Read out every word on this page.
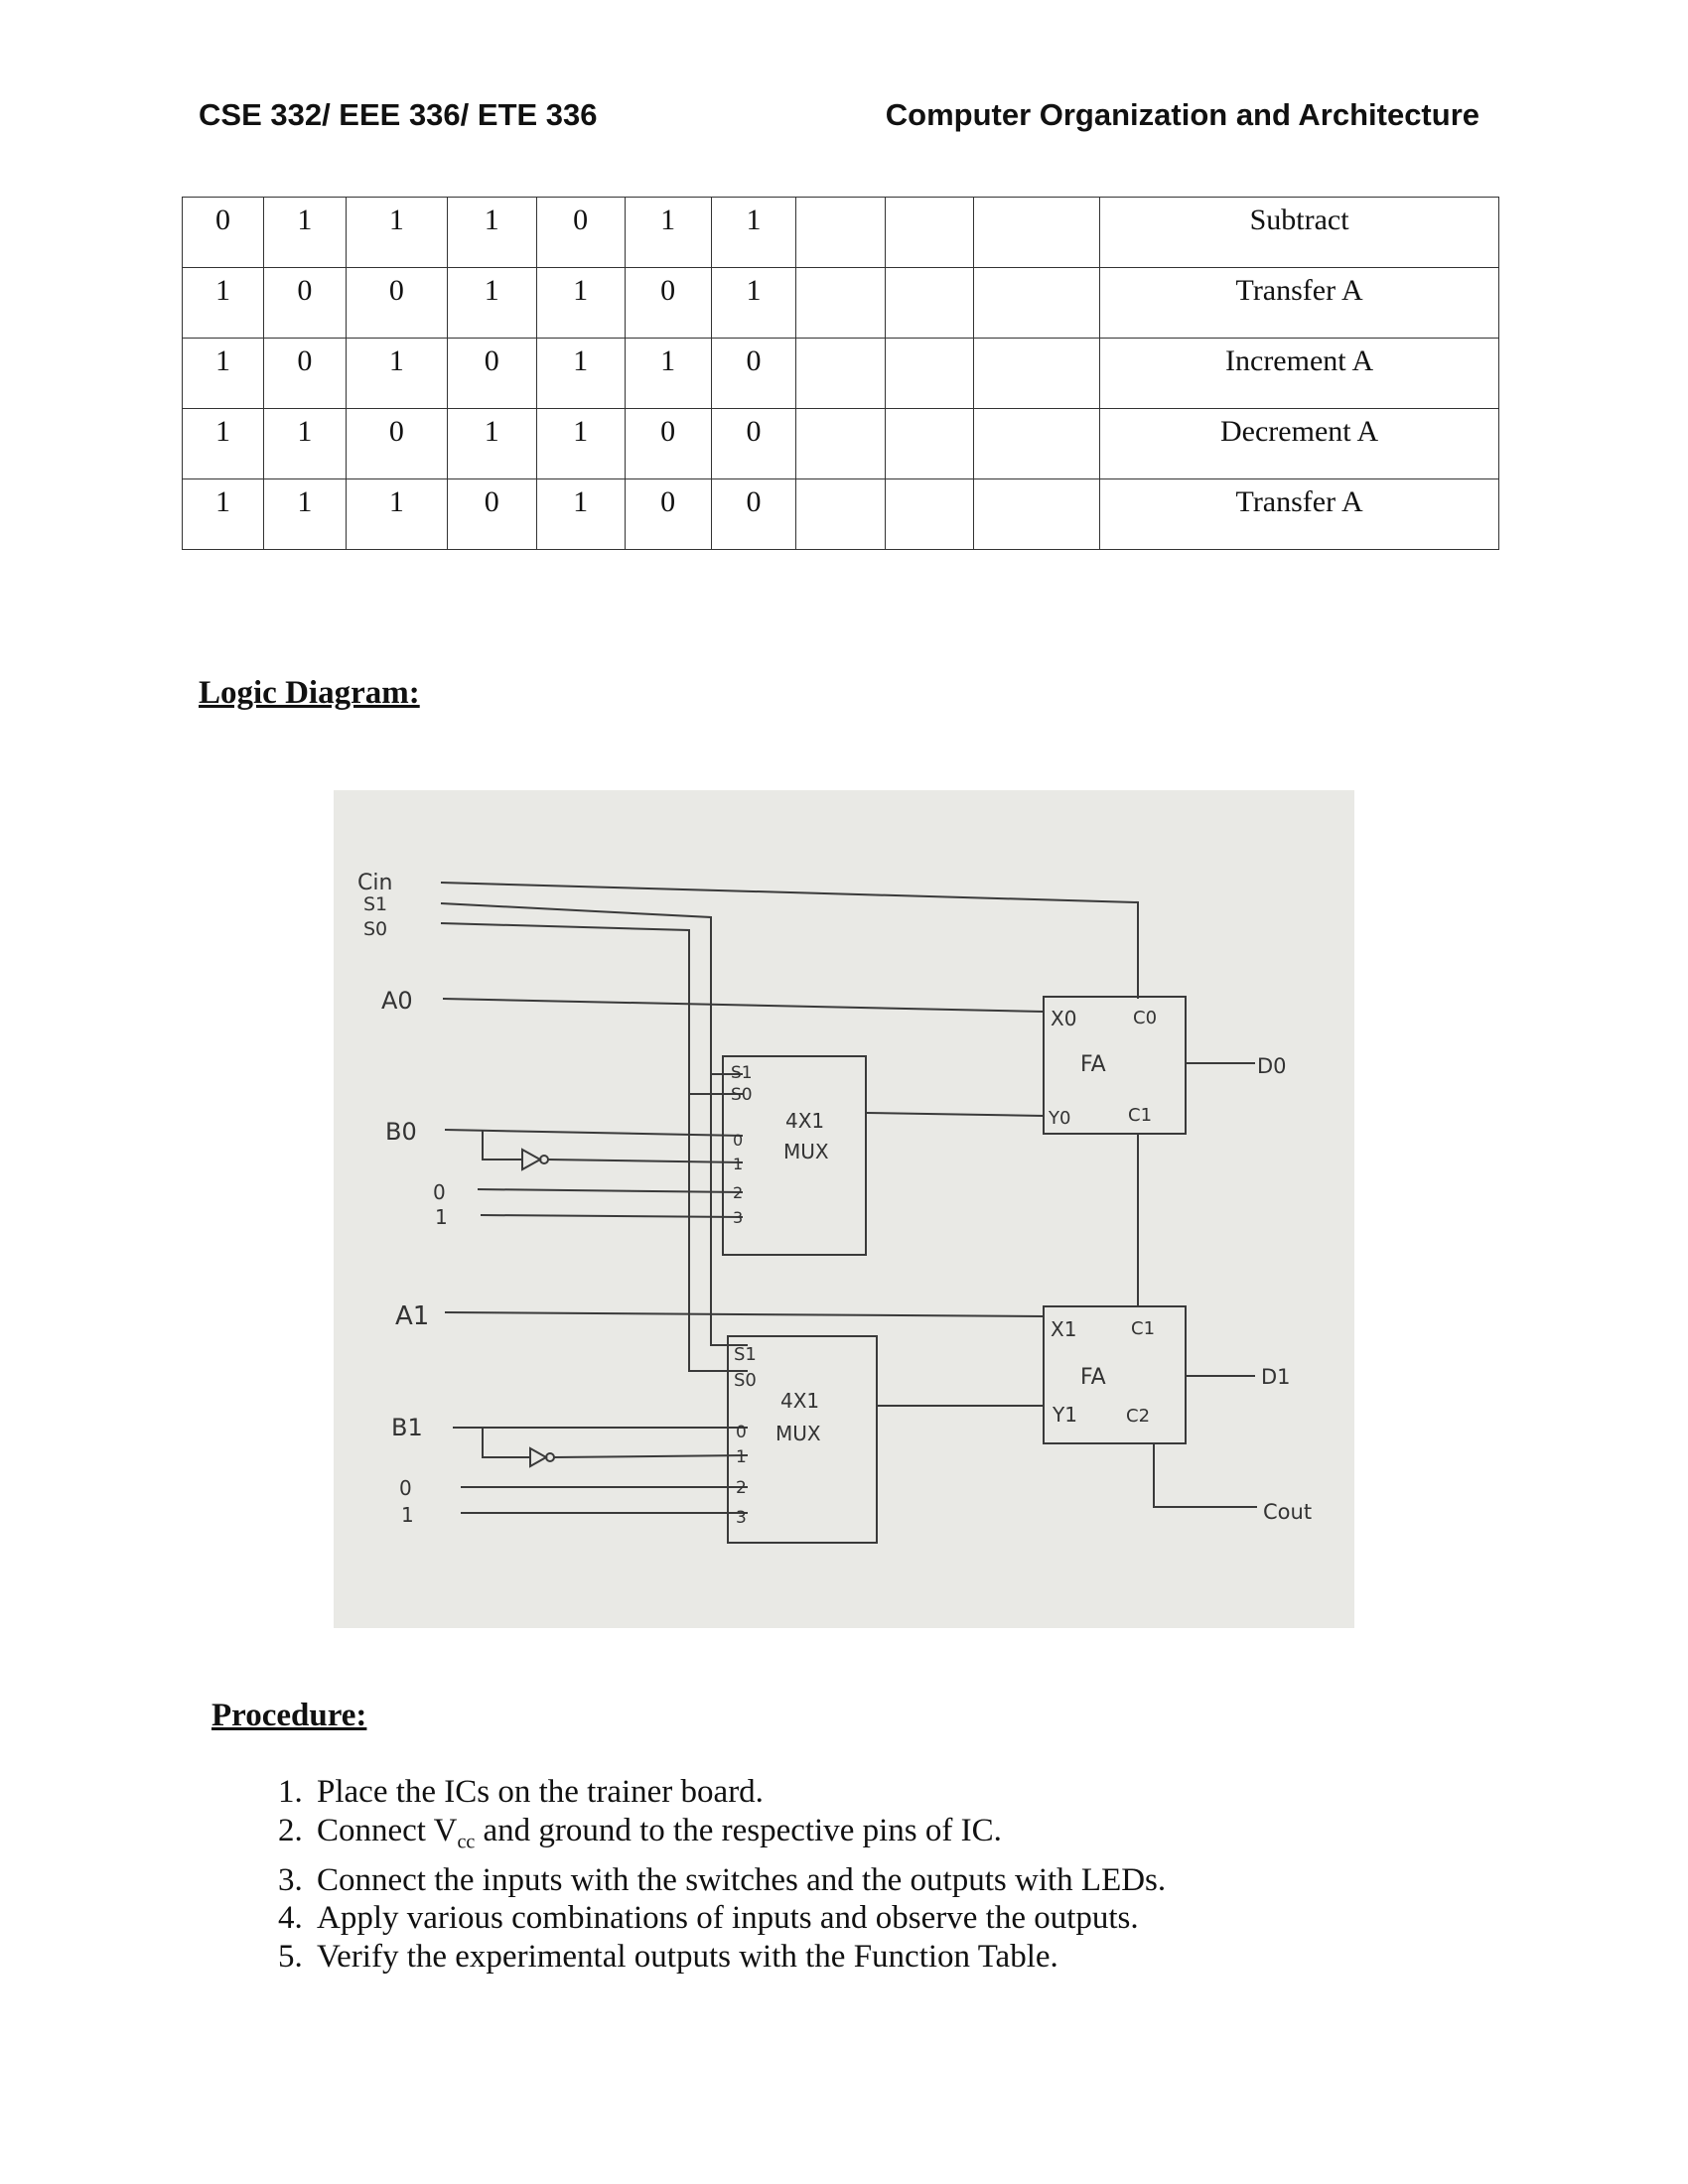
CSE 332/ EEE 336/ ETE 336	Computer Organization and Architecture
0	1	1	1	0	1	1				Subtract
1	0	0	1	1	0	1				Transfer A
1	0	1	0	1	1	0				Increment A
1	1	0	1	1	0	0				Decrement A
1	1	1	0	1	0	0				Transfer A
Logic Diagram:
Cin
S1
S0
A0
B0
0
1
A1
B1
0
1
S1
S0
0
1
2
3
4X1
MUX
S1
S0
0
1
2
3
4X1
MUX
X0	C0
FA
Y0	C1
X1	C1
FA
Y1	C2
D0
D1
Cout
Procedure:
1. Place the ICs on the trainer board.
2. Connect $V_{cc}$ and ground to the respective pins of IC.
3. Connect the inputs with the switches and the outputs with LEDs.
4. Apply various combinations of inputs and observe the outputs.
5. Verify the experimental outputs with the Function Table.
